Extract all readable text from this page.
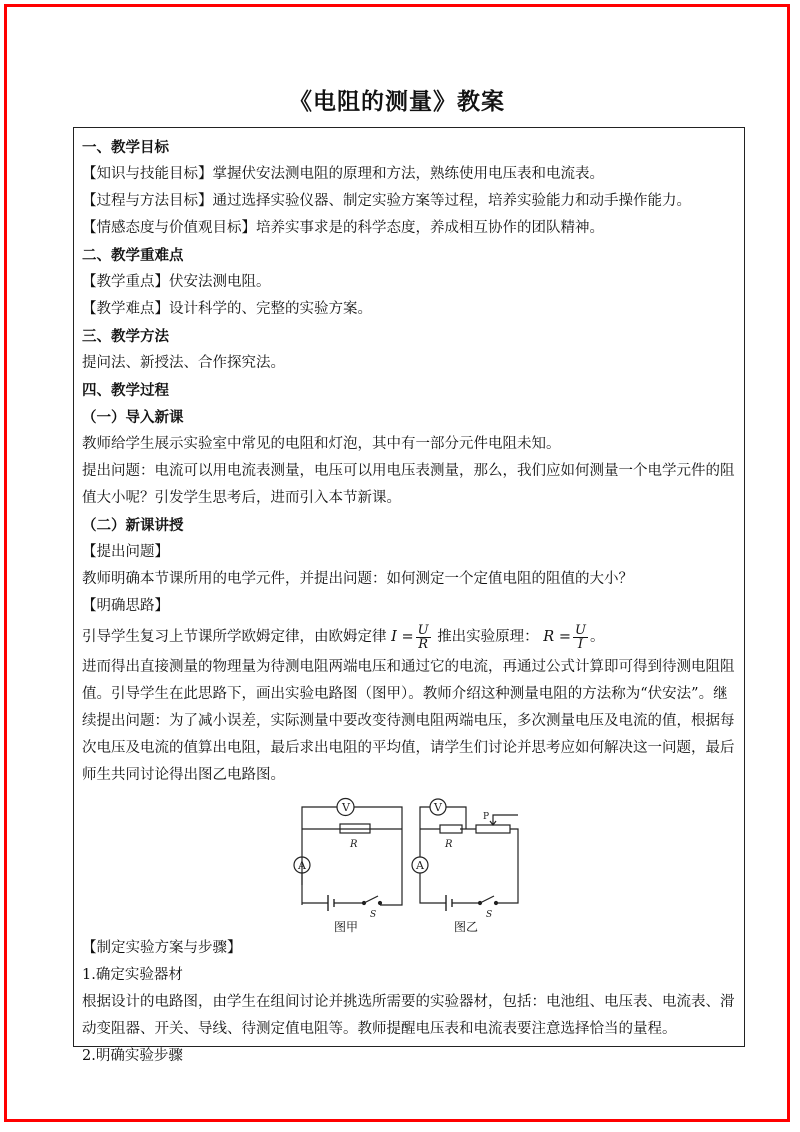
《电阻的测量》教案
一、教学目标
【知识与技能目标】掌握伏安法测电阻的原理和方法，熟练使用电压表和电流表。
【过程与方法目标】通过选择实验仪器、制定实验方案等过程，培养实验能力和动手操作能力。
【情感态度与价值观目标】培养实事求是的科学态度，养成相互协作的团队精神。
二、教学重难点
【教学重点】伏安法测电阻。
【教学难点】设计科学的、完整的实验方案。
三、教学方法
提问法、新授法、合作探究法。
四、教学过程
（一）导入新课
教师给学生展示实验室中常见的电阻和灯泡，其中有一部分元件电阻未知。
提出问题：电流可以用电流表测量，电压可以用电压表测量，那么，我们应如何测量一个电学元件的阻值大小呢？引发学生思考后，进而引入本节新课。
（二）新课讲授
【提出问题】
教师明确本节课所用的电学元件，并提出问题：如何测定一个定值电阻的阻值的大小？
【明确思路】
引导学生复习上节课所学欧姆定律，由欧姆定律 $I = \frac{U}{R}$ 推出实验原理： $R = \frac{U}{I}$ 。
进而得出直接测量的物理量为待测电阻两端电压和通过它的电流，再通过公式计算即可得到待测电阻阻值。引导学生在此思路下，画出实验电路图（图甲）。教师介绍这种测量电阻的方法称为“伏安法”。继续提出问题：为了减小误差，实际测量中要改变待测电阻两端电压，多次测量电压及电流的值，根据每次电压及电流的值算出电阻，最后求出电阻的平均值，请学生们讨论并思考应如何解决这一问题，最后师生共同讨论得出图乙电路图。
V
R
A
S
V
R
P
A
S
图甲	图乙
【制定实验方案与步骤】
1.确定实验器材
根据设计的电路图，由学生在组间讨论并挑选所需要的实验器材，包括：电池组、电压表、电流表、滑动变阻器、开关、导线、待测定值电阻等。教师提醒电压表和电流表要注意选择恰当的量程。
2.明确实验步骤
